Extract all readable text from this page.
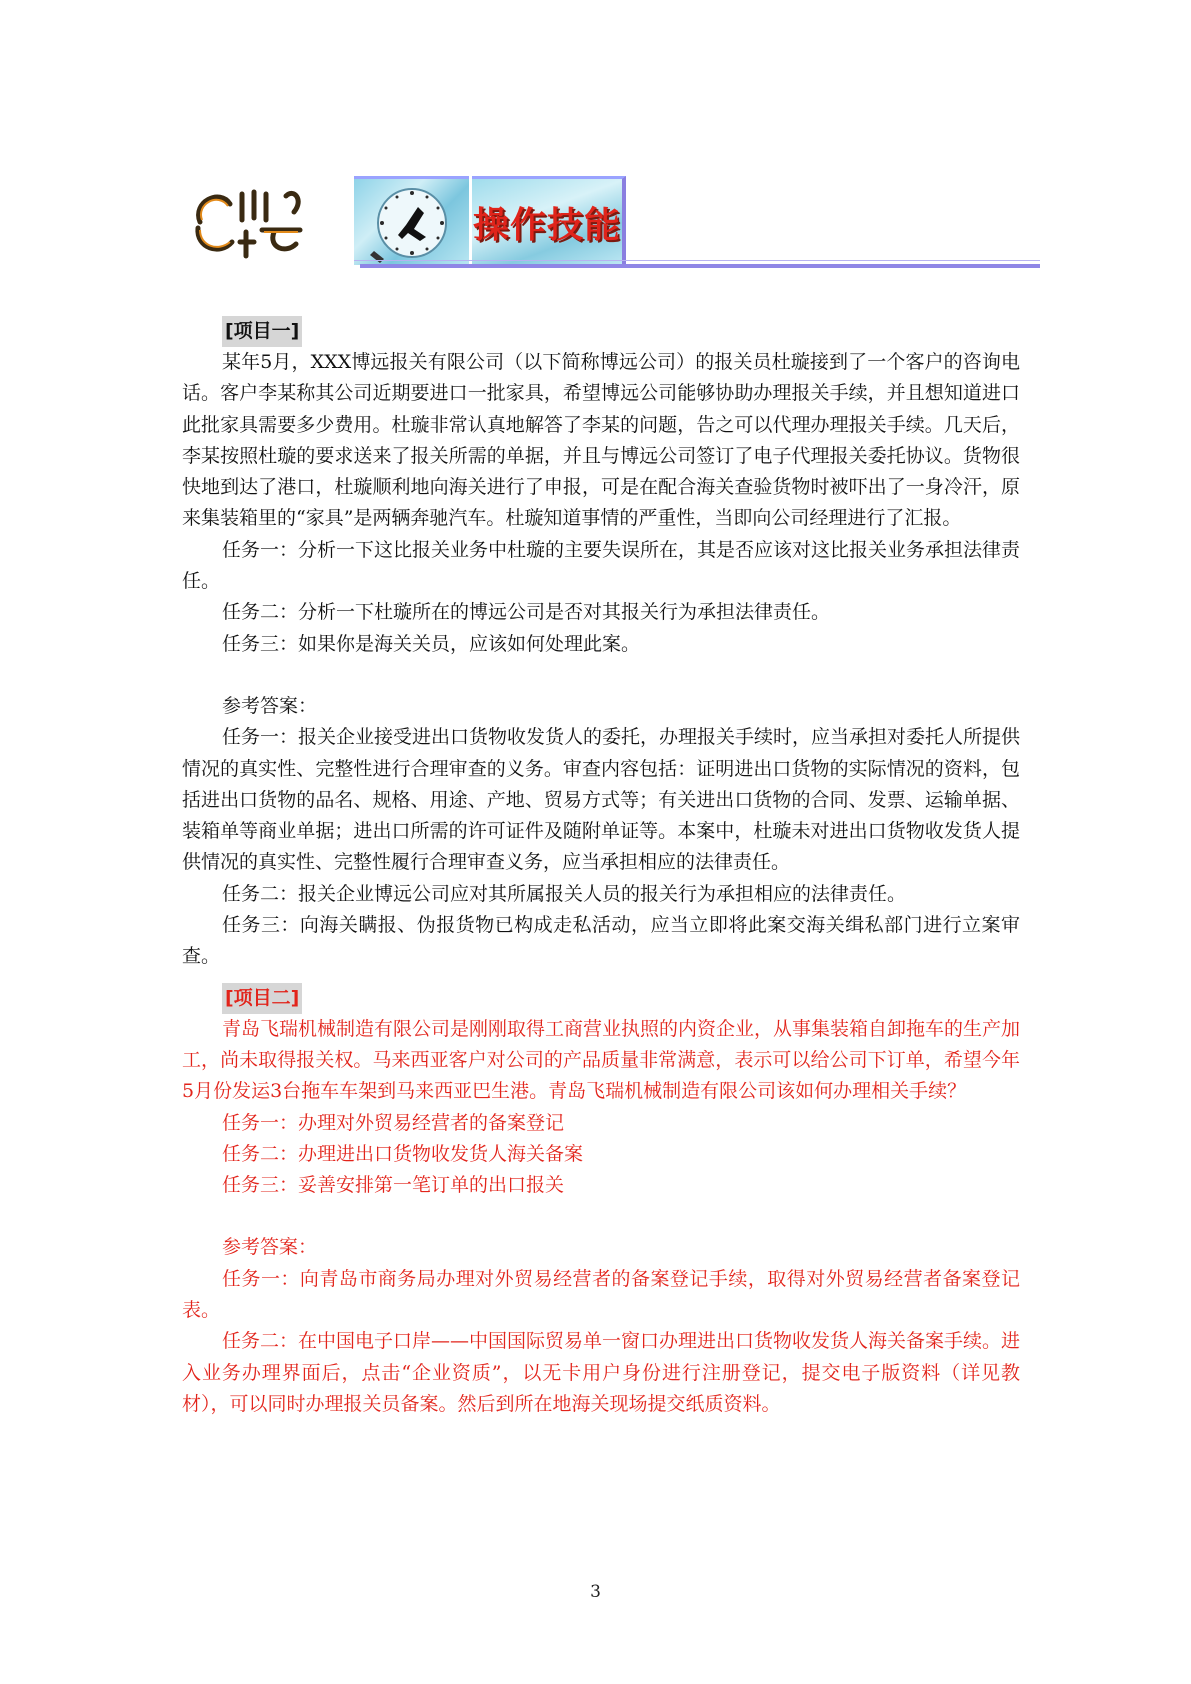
操作技能
[项目一]

某年5月，XXX博远报关有限公司（以下简称博远公司）的报关员杜璇接到了一个客户的咨询电话。客户李某称其公司近期要进口一批家具，希望博远公司能够协助办理报关手续，并且想知道进口此批家具需要多少费用。杜璇非常认真地解答了李某的问题，告之可以代理办理报关手续。几天后，李某按照杜璇的要求送来了报关所需的单据，并且与博远公司签订了电子代理报关委托协议。货物很快地到达了港口，杜璇顺利地向海关进行了申报，可是在配合海关查验货物时被吓出了一身冷汗，原来集装箱里的“家具”是两辆奔驰汽车。杜璇知道事情的严重性，当即向公司经理进行了汇报。

任务一：分析一下这比报关业务中杜璇的主要失误所在，其是否应该对这比报关业务承担法律责任。

任务二：分析一下杜璇所在的博远公司是否对其报关行为承担法律责任。

任务三：如果你是海关关员，应该如何处理此案。

参考答案：

任务一：报关企业接受进出口货物收发货人的委托，办理报关手续时，应当承担对委托人所提供情况的真实性、完整性进行合理审查的义务。审查内容包括：证明进出口货物的实际情况的资料，包括进出口货物的品名、规格、用途、产地、贸易方式等；有关进出口货物的合同、发票、运输单据、装箱单等商业单据；进出口所需的许可证件及随附单证等。本案中，杜璇未对进出口货物收发货人提供情况的真实性、完整性履行合理审查义务，应当承担相应的法律责任。

任务二：报关企业博远公司应对其所属报关人员的报关行为承担相应的法律责任。

任务三：向海关瞒报、伪报货物已构成走私活动，应当立即将此案交海关缉私部门进行立案审查。

[项目二]

青岛飞瑞机械制造有限公司是刚刚取得工商营业执照的内资企业，从事集装箱自卸拖车的生产加工，尚未取得报关权。马来西亚客户对公司的产品质量非常满意，表示可以给公司下订单，希望今年5月份发运3台拖车车架到马来西亚巴生港。青岛飞瑞机械制造有限公司该如何办理相关手续？

任务一：办理对外贸易经营者的备案登记

任务二：办理进出口货物收发货人海关备案

任务三：妥善安排第一笔订单的出口报关

参考答案：

任务一：向青岛市商务局办理对外贸易经营者的备案登记手续，取得对外贸易经营者备案登记表。

任务二：在中国电子口岸——中国国际贸易单一窗口办理进出口货物收发货人海关备案手续。进入业务办理界面后，点击“企业资质”，以无卡用户身份进行注册登记，提交电子版资料（详见教材），可以同时办理报关员备案。然后到所在地海关现场提交纸质资料。

3
